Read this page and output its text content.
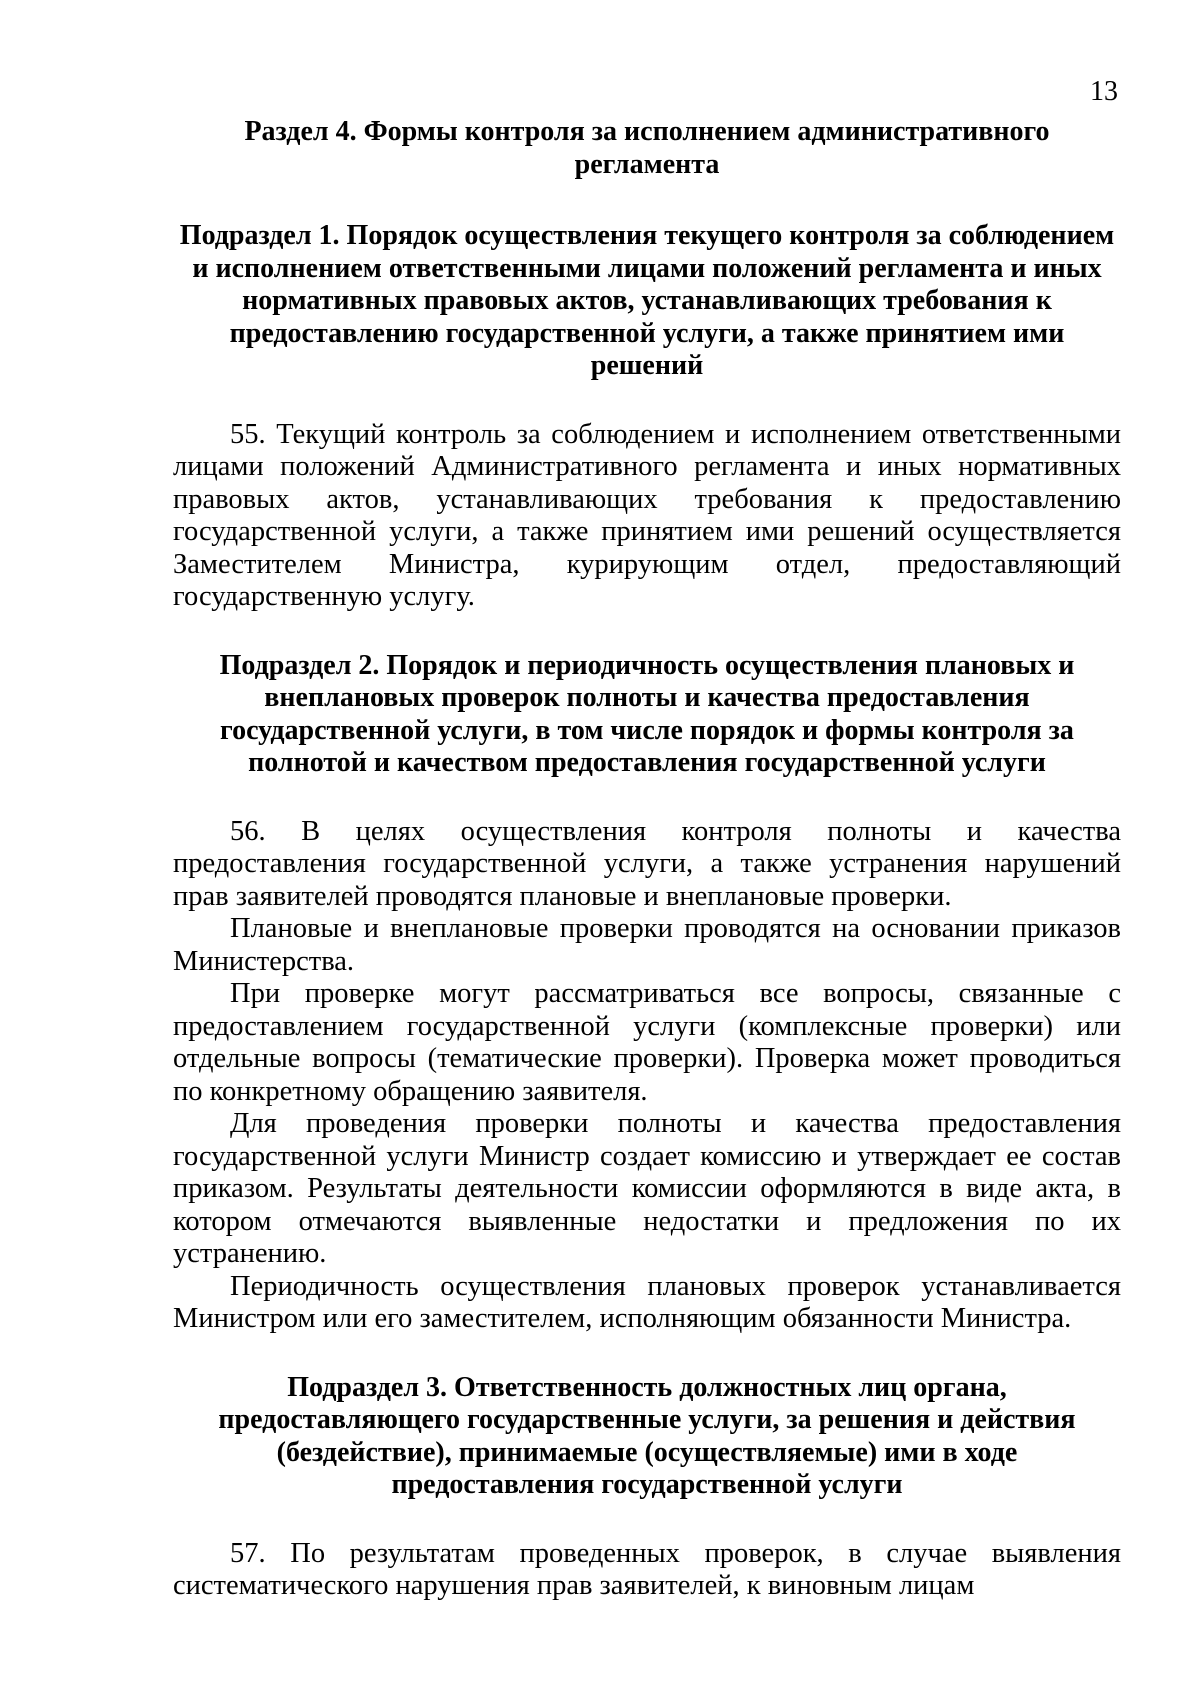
13
Раздел 4. Формы контроля за исполнением административного регламента
Подраздел 1. Порядок осуществления текущего контроля за соблюдением и исполнением ответственными лицами положений регламента и иных нормативных правовых актов, устанавливающих требования к предоставлению государственной услуги, а также принятием ими решений

55. Текущий контроль за соблюдением и исполнением ответственными лицами положений Административного регламента и иных нормативных правовых актов, устанавливающих требования к предоставлению государственной услуги, а также принятием ими решений осуществляется Заместителем Министра, курирующим отдел, предоставляющий государственную услугу.

Подраздел 2. Порядок и периодичность осуществления плановых и внеплановых проверок полноты и качества предоставления государственной услуги, в том числе порядок и формы контроля за полнотой и качеством предоставления государственной услуги

56. В целях осуществления контроля полноты и качества предоставления государственной услуги, а также устранения нарушений прав заявителей проводятся плановые и внеплановые проверки.

Плановые и внеплановые проверки проводятся на основании приказов Министерства.

При проверке могут рассматриваться все вопросы, связанные с предоставлением государственной услуги (комплексные проверки) или отдельные вопросы (тематические проверки). Проверка может проводиться по конкретному обращению заявителя.

Для проведения проверки полноты и качества предоставления государственной услуги Министр создает комиссию и утверждает ее состав приказом. Результаты деятельности комиссии оформляются в виде акта, в котором отмечаются выявленные недостатки и предложения по их устранению.

Периодичность осуществления плановых проверок устанавливается Министром или его заместителем, исполняющим обязанности Министра.

Подраздел 3. Ответственность должностных лиц органа, предоставляющего государственные услуги, за решения и действия (бездействие), принимаемые (осуществляемые) ими в ходе предоставления государственной услуги

57. По результатам проведенных проверок, в случае выявления систематического нарушения прав заявителей, к виновным лицам
